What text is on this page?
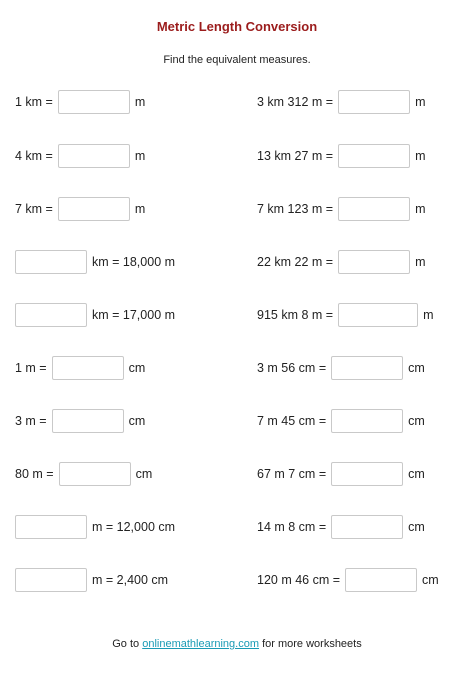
Metric Length Conversion
Find the equivalent measures.
1 km =	m	3 km 312 m =	m
4 km =	m	13 km 27 m =	m
7 km =	m	7 km 123 m =	m
km = 18,000 m	22 km 22 m =	m
km = 17,000 m	915 km 8 m =	m
1 m =	cm	3 m 56 cm =	cm
3 m =	cm	7 m 45 cm =	cm
80 m =	cm	67 m 7 cm =	cm
m = 12,000 cm	14 m 8 cm =	cm
m = 2,400 cm	120 m 46 cm =	cm
Go to onlinemathlearning.com for more worksheets
